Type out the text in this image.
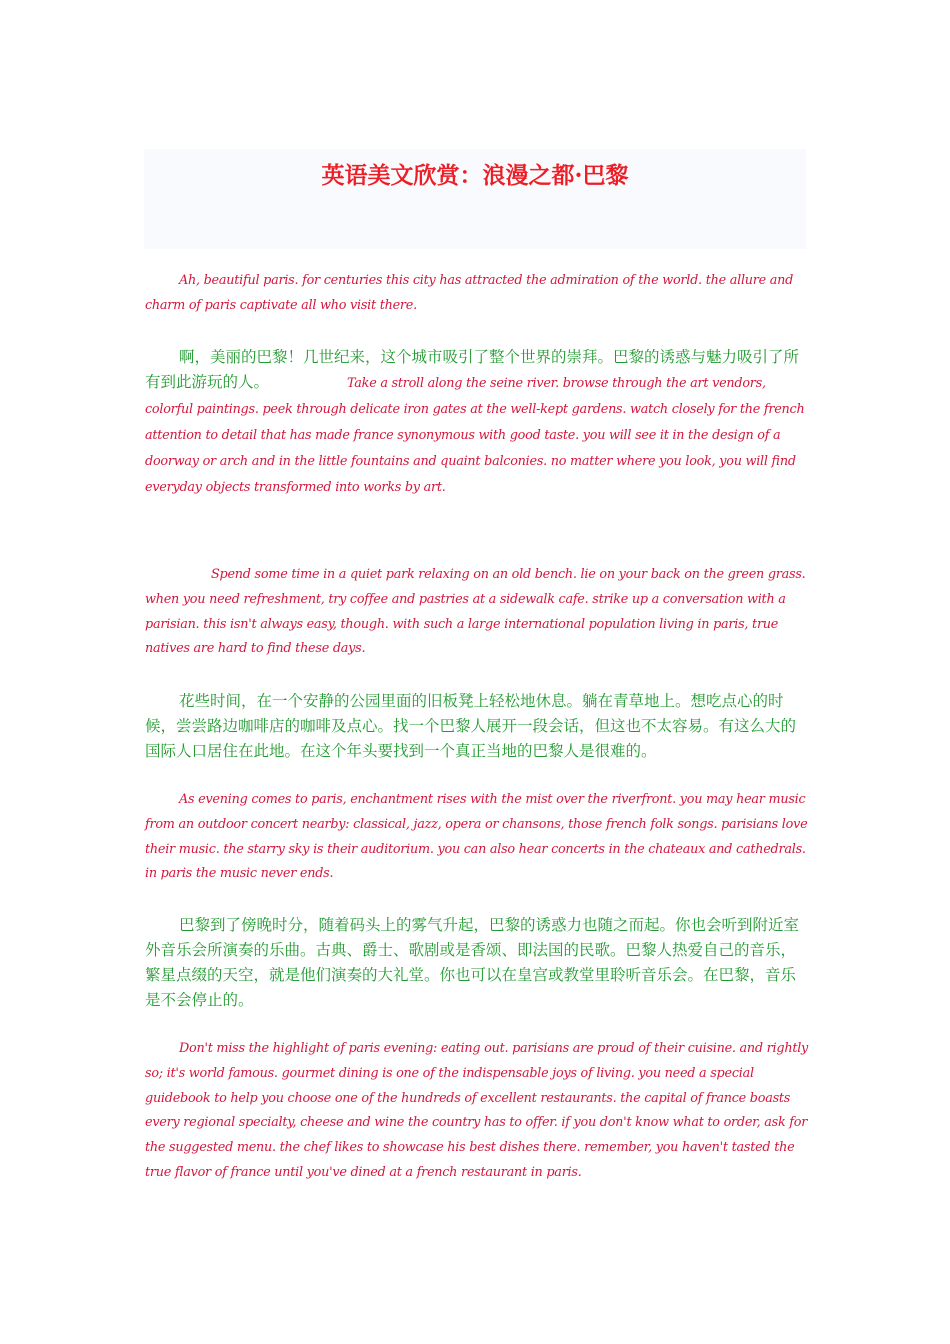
英语美文欣赏：浪漫之都·巴黎

Ah, beautiful paris. for centuries this city has attracted the admiration of the world. the allure and charm of paris captivate all who visit there.

啊，美丽的巴黎！几世纪来，这个城市吸引了整个世界的崇拜。巴黎的诱惑与魅力吸引了所有到此游玩的人。	Take a stroll along the seine river. browse through the art vendors, colorful paintings. peek through delicate iron gates at the well-kept gardens. watch closely for the french attention to detail that has made france synonymous with good taste. you will see it in the design of a doorway or arch and in the little fountains and quaint balconies. no matter where you look, you will find everyday objects transformed into works by art.

Spend some time in a quiet park relaxing on an old bench. lie on your back on the green grass. when you need refreshment, try coffee and pastries at a sidewalk cafe. strike up a conversation with a parisian. this isn't always easy, though. with such a large international population living in paris, true natives are hard to find these days.

花些时间，在一个安静的公园里面的旧板凳上轻松地休息。躺在青草地上。想吃点心的时候，尝尝路边咖啡店的咖啡及点心。找一个巴黎人展开一段会话，但这也不太容易。有这么大的国际人口居住在此地。在这个年头要找到一个真正当地的巴黎人是很难的。

As evening comes to paris, enchantment rises with the mist over the riverfront. you may hear music from an outdoor concert nearby: classical, jazz, opera or chansons, those french folk songs. parisians love their music. the starry sky is their auditorium. you can also hear concerts in the chateaux and cathedrals. in paris the music never ends.

巴黎到了傍晚时分，随着码头上的雾气升起，巴黎的诱惑力也随之而起。你也会听到附近室外音乐会所演奏的乐曲。古典、爵士、歌剧或是香颂、即法国的民歌。巴黎人热爱自己的音乐，繁星点缀的天空，就是他们演奏的大礼堂。你也可以在皇宫或教堂里聆听音乐会。在巴黎，音乐是不会停止的。

Don't miss the highlight of paris evening: eating out. parisians are proud of their cuisine. and rightly so; it's world famous. gourmet dining is one of the indispensable joys of living. you need a special guidebook to help you choose one of the hundreds of excellent restaurants. the capital of france boasts every regional specialty, cheese and wine the country has to offer. if you don't know what to order, ask for the suggested menu. the chef likes to showcase his best dishes there. remember, you haven't tasted the true flavor of france until you've dined at a french restaurant in paris.
